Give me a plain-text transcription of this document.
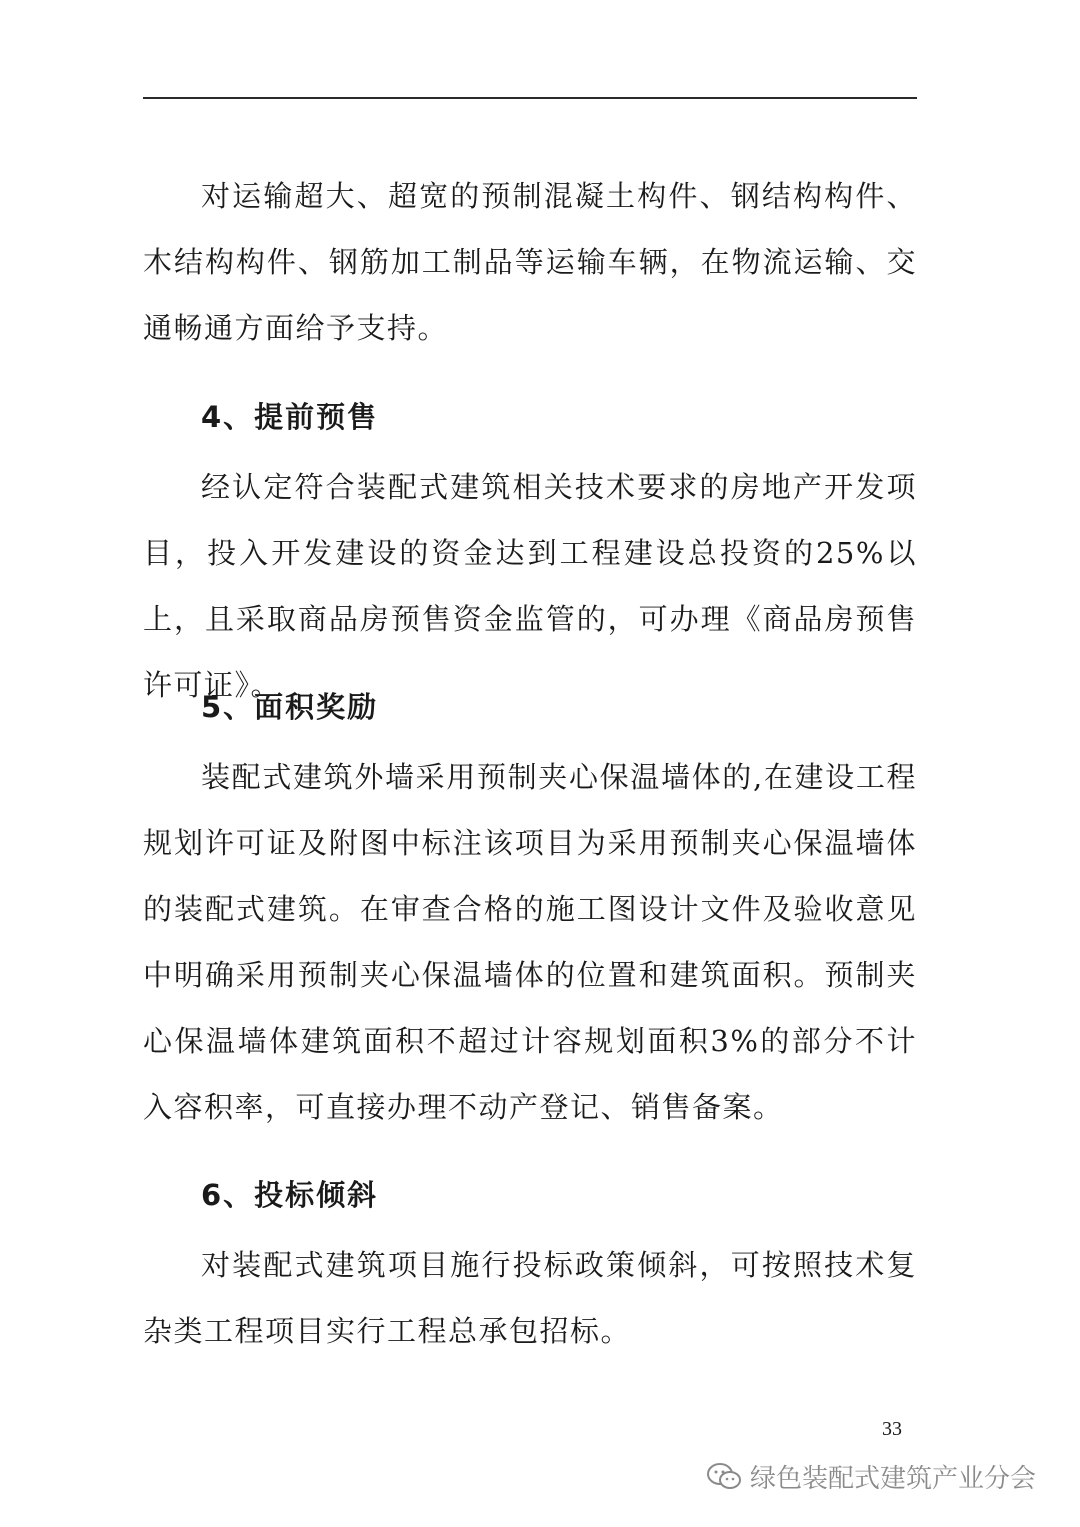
对运输超大、超宽的预制混凝土构件、钢结构构件、木结构构件、钢筋加工制品等运输车辆，在物流运输、交通畅通方面给予支持。

4、提前预售

经认定符合装配式建筑相关技术要求的房地产开发项目，投入开发建设的资金达到工程建设总投资的25%以上，且采取商品房预售资金监管的，可办理《商品房预售许可证》。

5、面积奖励

装配式建筑外墙采用预制夹心保温墙体的,在建设工程规划许可证及附图中标注该项目为采用预制夹心保温墙体的装配式建筑。在审查合格的施工图设计文件及验收意见中明确采用预制夹心保温墙体的位置和建筑面积。预制夹心保温墙体建筑面积不超过计容规划面积3%的部分不计入容积率，可直接办理不动产登记、销售备案。

6、投标倾斜

对装配式建筑项目施行投标政策倾斜，可按照技术复杂类工程项目实行工程总承包招标。

33
绿色装配式建筑产业分会
